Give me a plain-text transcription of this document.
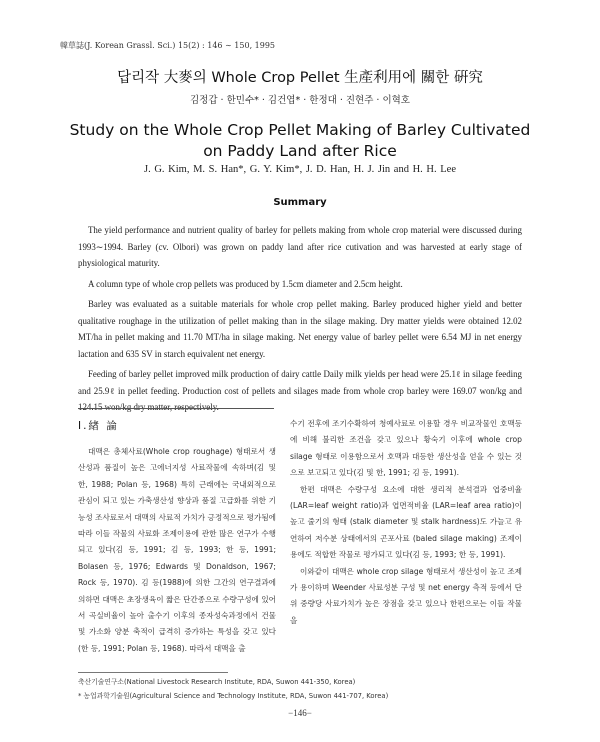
韓草誌(J. Korean Grassl. Sci.) 15(2) : 146 ∼ 150, 1995
답리작 大麥의 Whole Crop Pellet 生產利用에 關한 硏究
김정갑 · 한민수* · 김건엽* · 한정대 · 진현주 · 이혁호
Study on the Whole Crop Pellet Making of Barley Cultivated
on Paddy Land after Rice
J. G. Kim, M. S. Han*, G. Y. Kim*, J. D. Han, H. J. Jin and H. H. Lee
Summary

The yield performance and nutrient quality of barley for pellets making from whole crop material were discussed during 1993∼1994. Barley (cv. Olbori) was grown on paddy land after rice cutivation and was harvested at early stage of physiological maturity.

A column type of whole crop pellets was produced by 1.5cm diameter and 2.5cm height.

Barley was evaluated as a suitable materials for whole crop pellet making. Barley produced higher yield and better qualitative roughage in the utilization of pellet making than in the silage making. Dry matter yields were obtained 12.02 MT/ha in pellet making and 11.70 MT/ha in silage making. Net energy value of barley pellet were 6.54 MJ in net energy lactation and 635 SV in starch equivalent net energy.

Feeding of barley pellet improved milk production of dairy cattle Daily milk yields per head were 25.1ℓ in silage feeding and 25.9ℓ in pellet feeding. Production cost of pellets and silages made from whole crop barley were 169.07 won/kg and 124.15 won/kg dry matter, respectively.

Ⅰ.緖 論

대맥은 총체사료(Whole crop roughage) 형태로서 생산성과 품질이 높은 고에너지성 사료작물에 속하며(김 및 한, 1988; Polan 등, 1968) 특히 근래에는 국내외적으로 관심이 되고 있는 가축생산성 향상과 품질 고급화를 위한 기능성 조사료로서 대맥의 사료적 가치가 긍정적으로 평가됨에 따라 이들 작물의 사료화 조제이용에 관한 많은 연구가 수행되고 있다(김 등, 1991; 김 등, 1993; 한 등, 1991; Bolasen 등, 1976; Edwards 및 Donaldson, 1967; Rock 등, 1970). 김 등(1988)에 의한 그간의 연구결과에 의하면 대맥은 초장생육이 짧은 단간종으로 수량구성에 있어서 곡실비율이 높아 출수기 이후의 종자성숙과정에서 건물 및 가소화 양분 축적이 급격히 증가하는 특성을 갖고 있다(한 등, 1991; Polan 등, 1968). 따라서 대맥을 출

수기 전후에 조기수확하여 청예사료로 이용할 경우 비교작물인 호맥등에 비해 불리한 조건을 갖고 있으나 황숙기 이후에 whole crop silage 형태로 이용함으로서 호맥과 대등한 생산성을 얻을 수 있는 것으로 보고되고 있다(김 및 한, 1991; 김 등, 1991).

한편 대맥은 수량구성 요소에 대한 생리적 분석결과 엽중비율 (LAR=leaf weight ratio)과 엽면적비율 (LAR=leaf area ratio)이 높고 줄기의 형태 (stalk diameter 및 stalk hardness)도 가늘고 유연하여 저수분 상태에서의 곤포사료 (baled silage making) 조제이용에도 적합한 작물로 평가되고 있다(김 등, 1993; 한 등, 1991).

이와같이 대맥은 whole crop silage 형태로서 생산성이 높고 조제가 용이하며 Weender 사료성분 구성 및 net energy 측적 등에서 단위 중량당 사료가치가 높은 장점을 갖고 있으나 한편으로는 이들 작물을

축산기술연구소(National Livestock Research Institute, RDA, Suwon 441-350, Korea)
* 농업과학기술원(Agricultural Science and Technology Institute, RDA, Suwon 441-707, Korea)
−146−
